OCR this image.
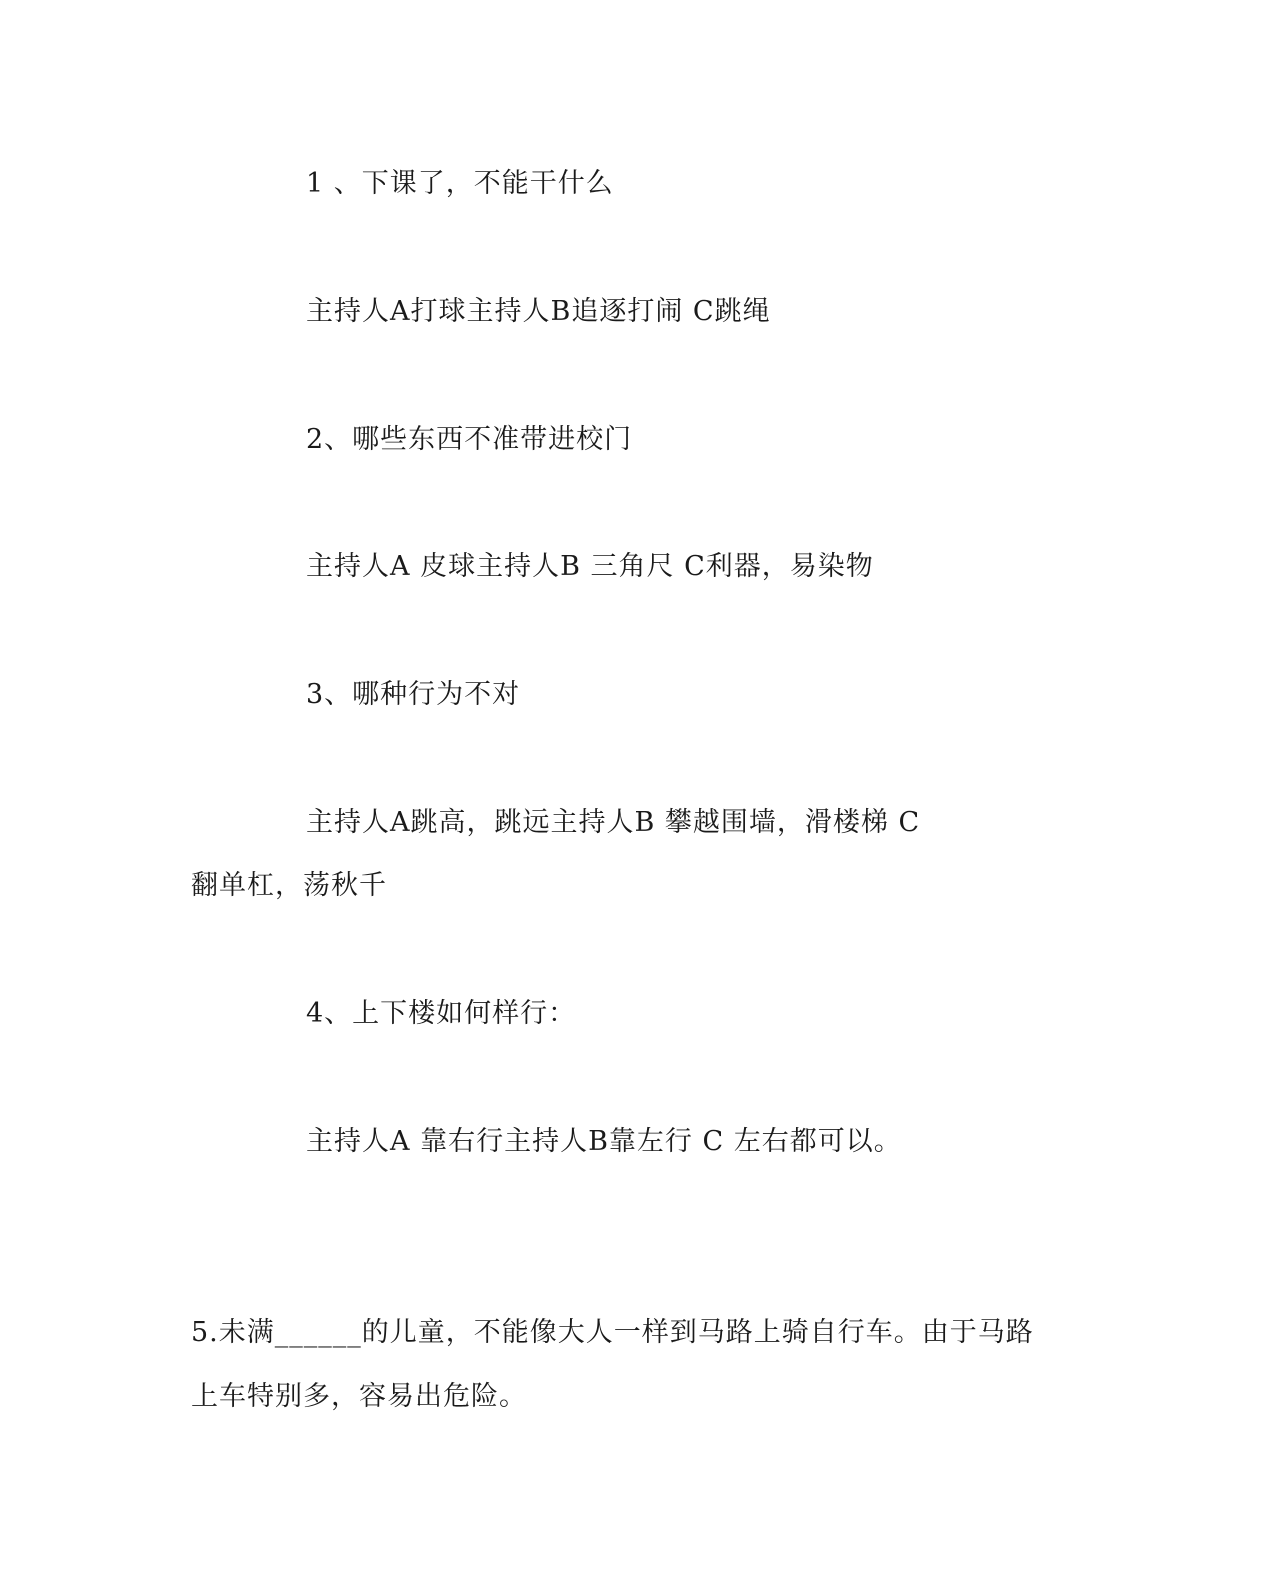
1 、下课了，不能干什么
主持人A打球主持人B追逐打闹 C跳绳
2、哪些东西不准带进校门
主持人A 皮球主持人B 三角尺 C利器，易染物
3、哪种行为不对
主持人A跳高，跳远主持人B 攀越围墙，滑楼梯 C
翻单杠，荡秋千
4、上下楼如何样行：
主持人A 靠右行主持人B靠左行 C 左右都可以。
5.未满______的儿童，不能像大人一样到马路上骑自行车。由于马路
上车特别多，容易出危险。
